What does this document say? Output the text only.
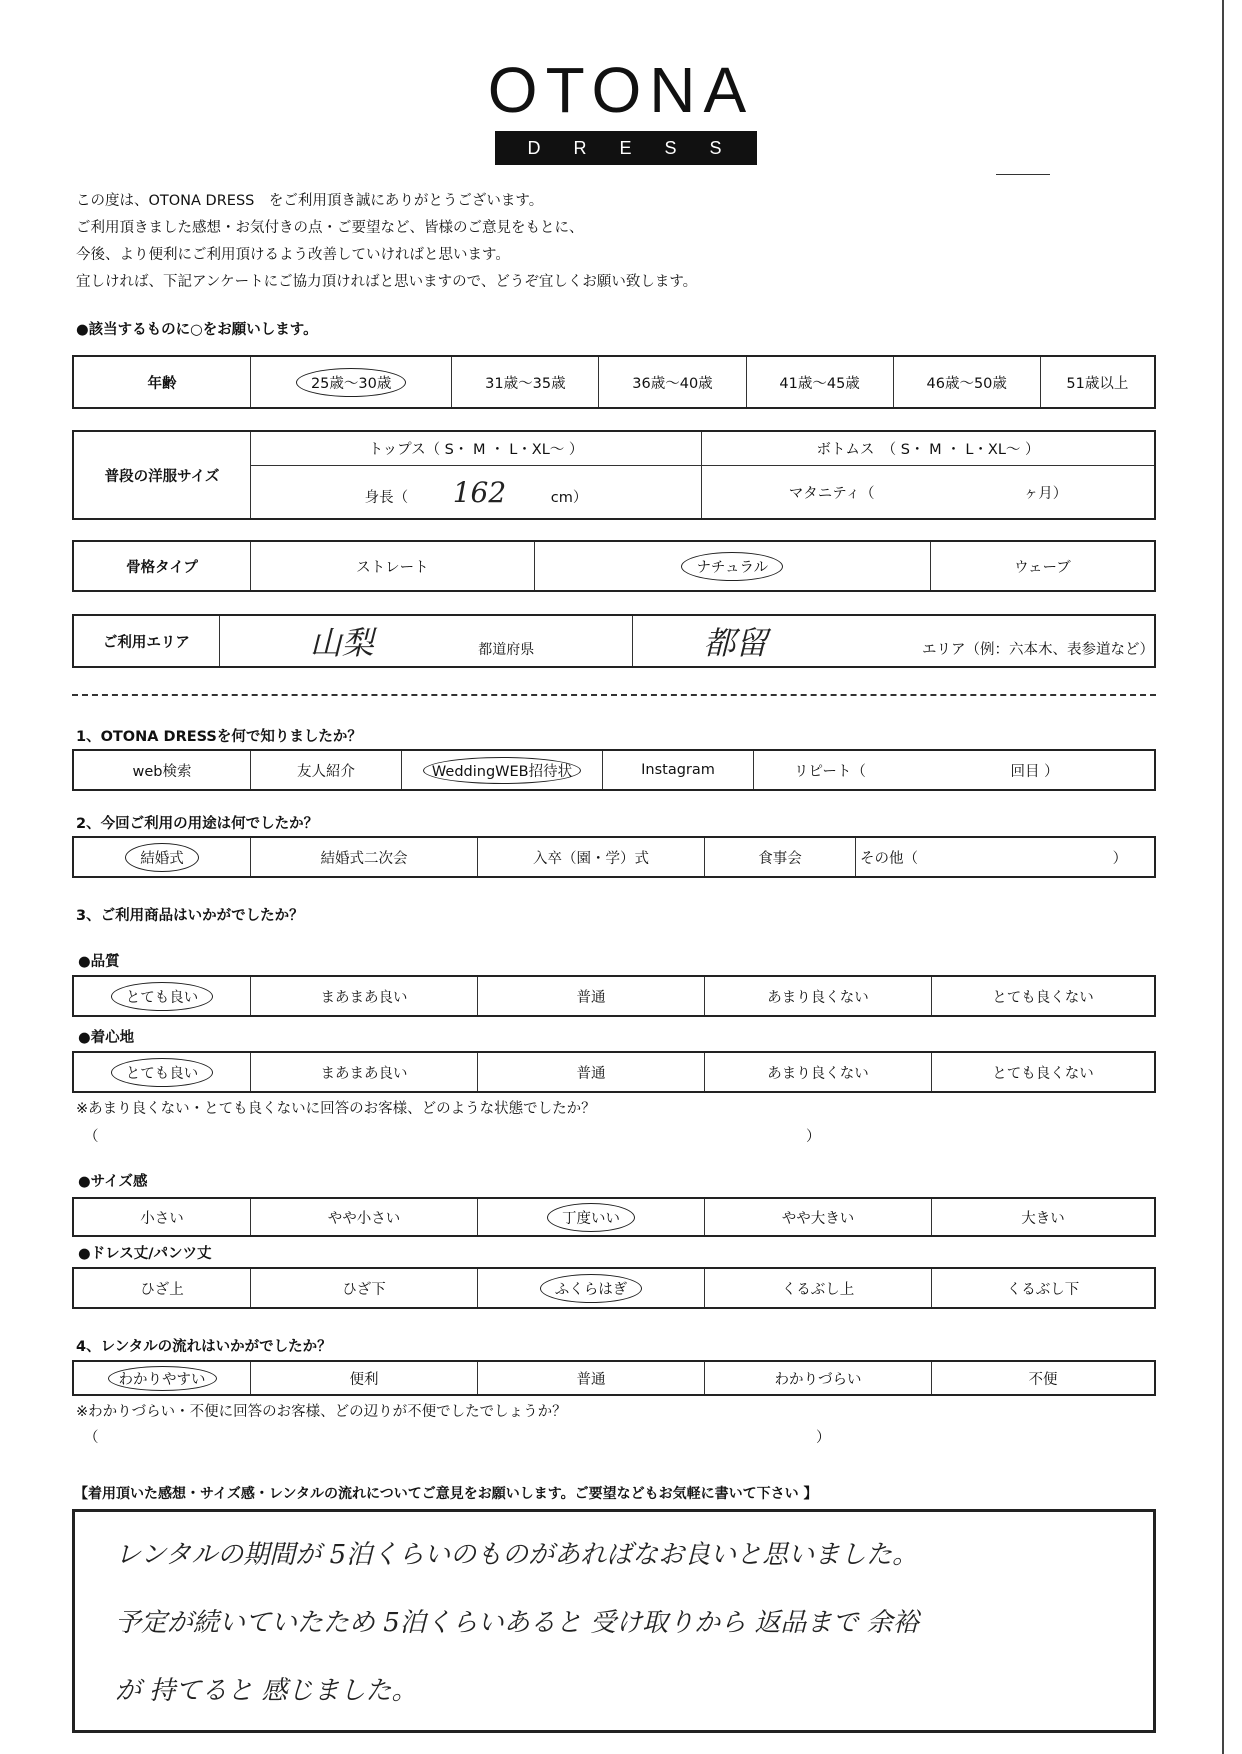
OTONA
DRESS
この度は、OTONA DRESS　をご利用頂き誠にありがとうございます。
ご利用頂きました感想・お気付きの点・ご要望など、皆様のご意見をもとに、
今後、より便利にご利用頂けるよう改善していければと思います。
宜しければ、下記アンケートにご協力頂ければと思いますので、どうぞ宜しくお願い致します。
●該当するものに○をお願いします。
年齢	25歳～30歳	31歳～35歳	36歳～40歳	41歳～45歳	46歳～50歳	51歳以上
普段の洋服サイズ	トップス（ S・ M ・ L・XL～ ）	ボトムス　（ S・ M ・ L・XL～ ）
	身長（ 162 cm）	マタニティ（ ヶ月）
骨格タイプ	ストレート	ナチュラル	ウェーブ
ご利用エリア	山梨	都道府県	都留	エリア（例：六本木、表参道など）
1、OTONA DRESSを何で知りましたか？
web検索	友人紹介	WeddingWEB招待状	Instagram	リピート（	回目 ）
2、今回ご利用の用途は何でしたか？
結婚式	結婚式二次会	入卒（園・学）式	食事会	その他（	）
3、ご利用商品はいかがでしたか？
●品質
とても良い	まあまあ良い	普通	あまり良くない	とても良くない
●着心地
とても良い	まあまあ良い	普通	あまり良くない	とても良くない
※あまり良くない・とても良くないに回答のお客様、どのような状態でしたか？
（	）
●サイズ感
小さい	やや小さい	丁度いい	やや大きい	大きい
●ドレス丈/パンツ丈
ひざ上	ひざ下	ふくらはぎ	くるぶし上	くるぶし下
4、レンタルの流れはいかがでしたか？
わかりやすい	便利	普通	わかりづらい	不便
※わかりづらい・不便に回答のお客様、どの辺りが不便でしたでしょうか？
（	）
【着用頂いた感想・サイズ感・レンタルの流れについてご意見をお願いします。ご要望などもお気軽に書いて下さい 】
レンタルの期間が 5泊くらいのものがあればなお良いと思いました。
予定が続いていたため 5泊くらいあると 受け取りから 返品まで 余裕
が 持てると 感じました。
